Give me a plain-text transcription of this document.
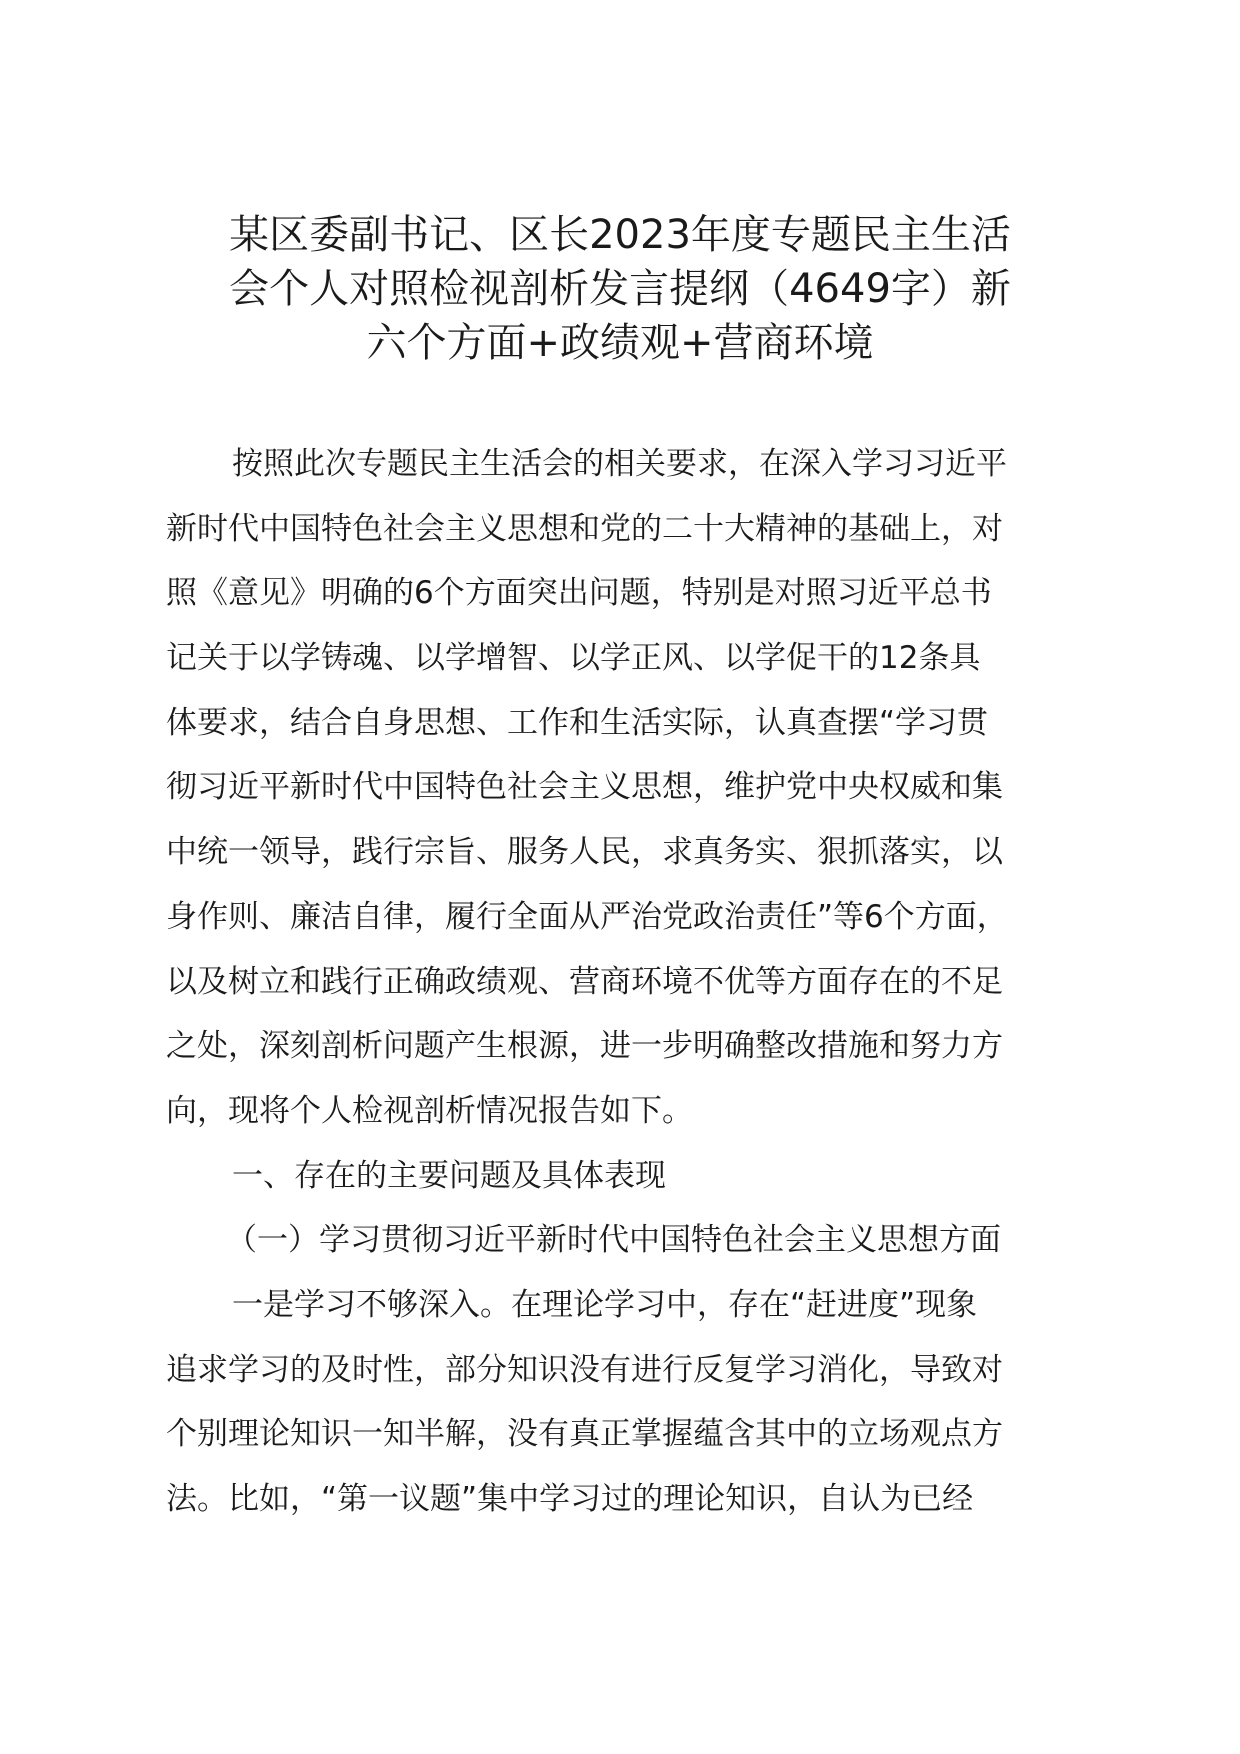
某区委副书记、区长2023年度专题民主生活
会个人对照检视剖析发言提纲（4649字）新
六个方面+政绩观+营商环境
按照此次专题民主生活会的相关要求，在深入学习习近平
新时代中国特色社会主义思想和党的二十大精神的基础上，对
照《意见》明确的6个方面突出问题，特别是对照习近平总书
记关于以学铸魂、以学增智、以学正风、以学促干的12条具
体要求，结合自身思想、工作和生活实际，认真查摆“学习贯
彻习近平新时代中国特色社会主义思想，维护党中央权威和集
中统一领导，践行宗旨、服务人民，求真务实、狠抓落实，以
身作则、廉洁自律，履行全面从严治党政治责任”等6个方面，
以及树立和践行正确政绩观、营商环境不优等方面存在的不足
之处，深刻剖析问题产生根源，进一步明确整改措施和努力方
向，现将个人检视剖析情况报告如下。
一、存在的主要问题及具体表现
（一）学习贯彻习近平新时代中国特色社会主义思想方面
一是学习不够深入。在理论学习中，存在“赶进度”现象
追求学习的及时性，部分知识没有进行反复学习消化，导致对
个别理论知识一知半解，没有真正掌握蕴含其中的立场观点方
法。比如，“第一议题”集中学习过的理论知识，自认为已经
